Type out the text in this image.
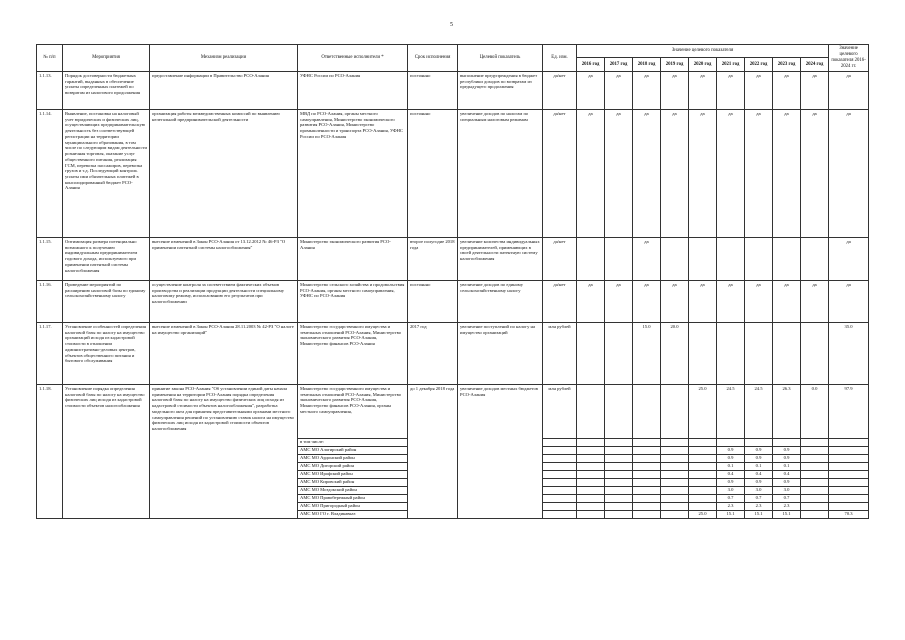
5
№ п/п	Мероприятия	Механизм реализации	Ответственные исполнители *	Срок исполнения	Целевой показатель	Ед. изм.	Значение целевого показателя									Значение целевого показателя 2016-2024 гг.
							2016 год	2017 год	2018 год	2019 год	2020 год	2021 год	2022 год	2023 год	2024 год	
1.1.13.	Порядок достоверности бюджетных гарантий, выданных в обеспечение уплаты определенных платежей по возвратам из налогового продолжения	предоставление информации в Правительство РСО-Алания	УФНС России по РСО-Алания	постоянно	выполнение предупреждения в бюджет республики доходов по возвратам из предыдущего продолжения	да/нет	да	да	да	да	да	да	да	да	да	да
1.1.14.	Выявление, постановка на налоговый учет юридических и физических лиц, осуществляющих предпринимательскую деятельность без соответствующей регистрации на территории муниципального образования, в том числе по следующим видам деятельности розничная торговля, оказание услуг общественного питания, реализация ГСМ, перевозка пассажиров, перевозка грузов и т.д. Последующий контроль уплаты ими обязательных платежей в консолидированный бюджет РСО-Алания	организация работы межведомственных комиссий по выявлению нелегальной предпринимательской деятельности	МВД по РСО-Алания, органы местного самоуправления, Министерство экономического развития РСО-Алания, Министерство промышленности и транспорта РСО-Алания, УФНС России по РСО-Алания	постоянно	увеличение доходов по налогам по специальным налоговым режимам	да/нет	да	да	да	да	да	да	да	да	да	да
1.1.15.	Оптимизация размера потенциально возможного к получению индивидуальным предпринимателем годового дохода, используемого при применении патентной системы налогообложения	внесение изменений в Закон РСО-Алания от 13.12.2012 № 46-РЗ "О применении патентной системы налогообложения"	Министерство экономического развития РСО-Алания	второе полугодие 2018 года	увеличение количества индивидуальных предпринимателей, применяющих в своей деятельности патентную систему налогообложения	да/нет			да							да
1.1.16.	Проведение мероприятий по расширению налоговой базы по единому сельскохозяйственному налогу	осуществление контроля за соответствием фактических объемов производства и реализации продукции деятельности специальному налоговому режиму, использованию его результатов при налогообложении	Министерство сельского хозяйства и продовольствия РСО-Алания, органы местного самоуправления, УФНС по РСО-Алания	постоянно	увеличение доходов по единому сельскохозяйственному налогу	да/нет	да	да	да	да	да	да	да	да	да	да
1.1.17.	Установление особенностей определения налоговой базы по налогу на имущество организаций исходя из кадастровой стоимости в отношении административно-деловых центров, объектов общественного питания и бытового обслуживания	внесение изменений в Закон РСО-Алания 28.11.2003 № 42-РЗ "О налоге на имущество организаций"	Министерство государственного имущества и земельных отношений РСО-Алания, Министерство экономического развития РСО-Алания, Министерство финансов РСО-Алания	2017 год	увеличение поступлений по налогу на имущество организаций	млн рублей			15.0	20.0						35.0
1.1.18.	Установление порядка определения налоговой базы по налогу на имущество физических лиц исходя из кадастровой стоимости объектов налогообложения	принятие закона РСО-Алания "Об установлении единой даты начала применения на территории РСО-Алания порядка определения налоговой базы по налогу на имущество физических лиц исходя из кадастровой стоимости объектов налогообложения", разработка модельного акта для принятия представительными органами местного самоуправления решений по установлению ставок налога на имущество физических лиц исходя из кадастровой стоимости объектов налогообложения	Министерство государственного имущества и земельных отношений РСО-Алания, Министерство экономического развития РСО-Алания, Министерство финансов РСО-Алания, органы местного самоуправления,	до 1 декабря 2018 года	увеличение доходов местных бюджетов РСО-Алания	млн рублей					25.0	24.5	24.5	26.3	0.0	97.9
			в том числе:													
			АМС МО Алагирский район									0.9	0.9	0.9		
			АМС МО Ардонский район									0.9	0.9	0.9		
			АМС МО Дигорский район									0.1	0.1	0.1		
			АМС МО Ирафский район									0.4	0.4	0.4		
			АМС МО Кировский район									0.9	0.9	0.9		
			АМС МО Моздокский район									3.0	3.0	3.0		
			АМС МО Правобережный район									0.7	0.7	0.7		
			АМС МО Пригородный район									2.3	2.3	2.3		
			АМС МО ГО г. Владикавказ								25.0	15.1	15.1	15.1		70.3
